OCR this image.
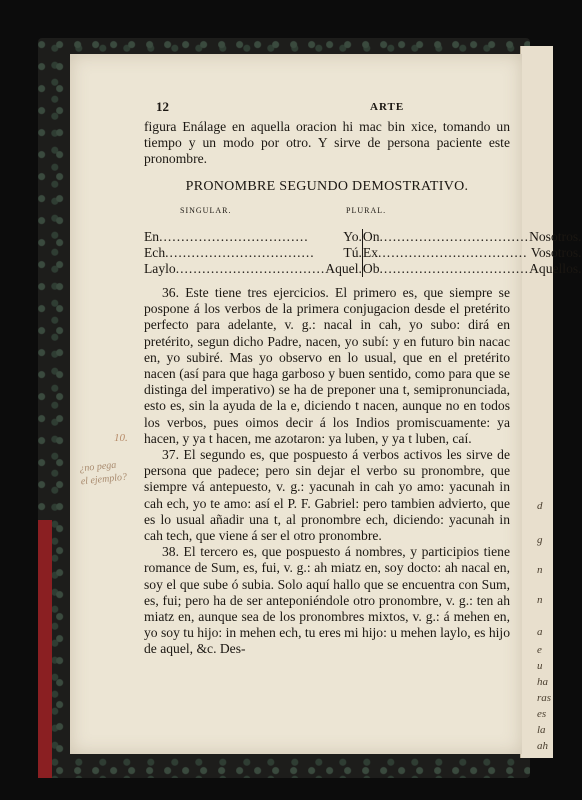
d
g
n
n
a
e
u
ha
ras
es
la
ah
12	ARTE

figura Enálage en aquella oracion hi mac bin xice, tomando un tiempo y un modo por otro. Y sirve de persona paciente este pronombre.

PRONOMBRE SEGUNDO DEMOSTRATIVO.
SINGULAR.	PLURAL.
En .................................. Yo.		On .................................. Nosotros.

Ech .................................. Tú.		Ex .................................. Vosotros.

Laylo .................................. Aquel.		Ob .................................. Aquellos.

36. Este tiene tres ejercicios. El primero es, que siempre se pospone á los verbos de la primera conjugacion desde el pretérito perfecto para adelante, v. g.: nacal in cah, yo subo: dirá en pretérito, segun dicho Padre, nacen, yo subí: y en futuro bin nacac en, yo subiré. Mas yo observo en lo usual, que en el pretérito nacen (así para que haga garboso y buen sentido, como para que se distinga del imperativo) se ha de preponer una t, semipronunciada, esto es, sin la ayuda de la e, diciendo t nacen, aunque no en todos los verbos, pues oimos decir á los Indios promiscuamente: ya hacen, y ya t hacen, me azotaron: ya luben, y ya t luben, caí.

37. El segundo es, que pospuesto á verbos activos les sirve de persona que padece; pero sin dejar el verbo su pronombre, que siempre vá antepuesto, v. g.: yacunah in cah yo amo: yacunah in cah ech, yo te amo: así el P. F. Gabriel: pero tambien advierto, que es lo usual añadir una t, al pronombre ech, diciendo: yacunah in cah tech, que viene á ser el otro pronombre.

38. El tercero es, que pospuesto á nombres, y participios tiene romance de Sum, es, fui, v. g.: ah miatz en, soy docto: ah nacal en, soy el que sube ó subia. Solo aquí hallo que se encuentra con Sum, es, fui; pero ha de ser anteponiéndole otro pronombre, v. g.: ten ah miatz en, aunque sea de los pronombres mixtos, v. g.: á mehen en, yo soy tu hijo: in mehen ech, tu eres mi hijo: u mehen laylo, es hijo de aquel, &c. Des-

10.
¿no pega
el ejemplo?
